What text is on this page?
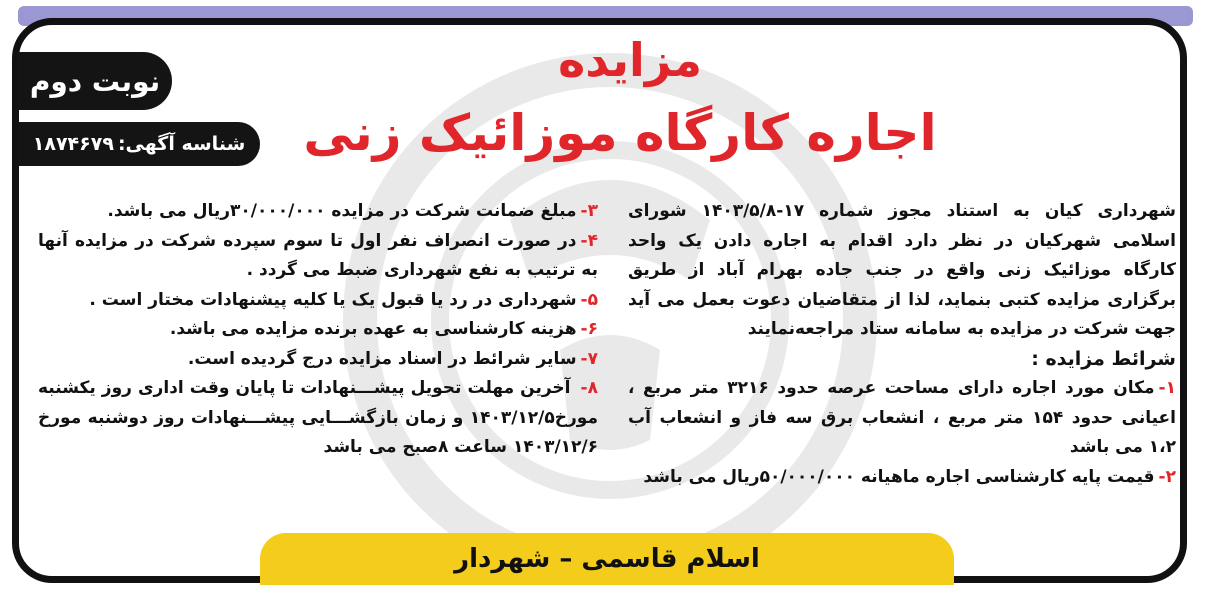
مزایده
اجاره کارگاه موزائیک زنی
نوبت دوم
شناسه آگهی:
۱۸۷۴۶۷۹

شهرداری کیان به استناد مجوز شماره ۱۷-۱۴۰۳/۵/۸ شورای اسلامی شهرکیان در نظر دارد اقدام به اجاره دادن یک واحد کارگاه موزائیک زنی واقع در جنب جاده بهرام آباد از طریق برگزاری مزایده کتبی بنماید، لذا از متقاضیان دعوت بعمل می آید جهت شرکت در مزایده به سامانه ستاد مراجعه‌نمایند

شرائط مزایده :

۱-مکان مورد اجاره دارای مساحت عرصه حدود ۳۲۱۶ متر مربع ، اعیانی حدود ۱۵۴ متر مربع ، انشعاب برق سه فاز و انشعاب آب ۱،۲ می باشد

۲-قیمت پایه کارشناسی اجاره ماهیانه ۵۰/۰۰۰/۰۰۰ریال می باشد

۳-مبلغ ضمانت شرکت در مزایده ۳۰/۰۰۰/۰۰۰ریال می باشد.

۴-در صورت انصراف نفر اول تا سوم سپرده شرکت در مزایده آنها به ترتیب به نفع شهرداری ضبط می گردد .

۵-شهرداری در رد یا قبول یک یا کلیه پیشنهادات مختار است .

۶-هزینه کارشناسی به عهده برنده مزایده می باشد.

۷-سایر شرائط در اسناد مزایده درج گردیده است.

۸- آخرین مهلت تحویل پیشـــنهادات تا پایان وقت اداری روز یکشنبه مورخ۱۴۰۳/۱۲/۵ و زمان بازگشـــایی پیشـــنهادات روز دوشنبه مورخ ۱۴۰۳/۱۲/۶ ساعت ۸صبح می باشد

اسلام قاسمی – شهردار
